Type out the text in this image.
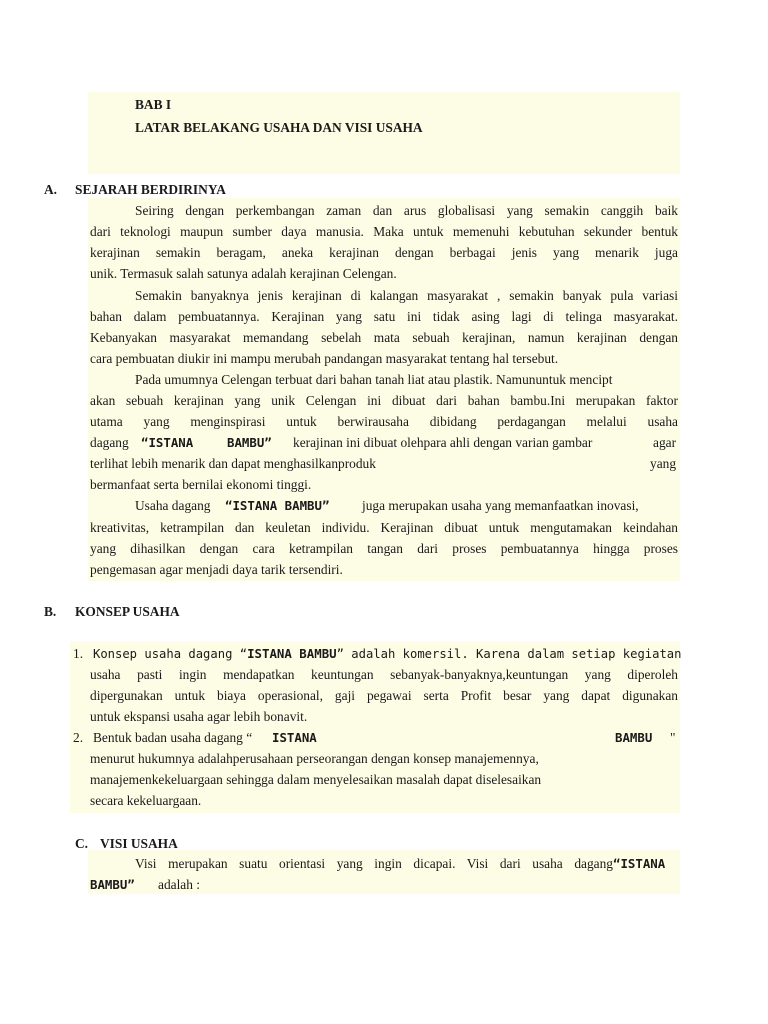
BAB I
LATAR BELAKANG USAHA DAN VISI USAHA
A. SEJARAH BERDIRINYA
Seiring dengan perkembangan zaman dan arus globalisasi yang semakin canggih baik
dari teknologi maupun sumber daya manusia. Maka untuk memenuhi kebutuhan sekunder bentuk
kerajinan semakin beragam, aneka kerajinan dengan berbagai jenis yang menarik juga
unik. Termasuk salah satunya adalah kerajinan Celengan.
Semakin banyaknya jenis kerajinan di kalangan masyarakat , semakin banyak pula variasi
bahan dalam pembuatannya. Kerajinan yang satu ini tidak asing lagi di telinga masyarakat.
Kebanyakan masyarakat memandang sebelah mata sebuah kerajinan, namun kerajinan dengan
cara pembuatan diukir ini mampu merubah pandangan masyarakat tentang hal tersebut.
Pada umumnya Celengan terbuat dari bahan tanah liat atau plastik. Namununtuk mencipt
akan sebuah kerajinan yang unik Celengan ini dibuat dari bahan bambu.Ini merupakan faktor
utama yang menginspirasi untuk berwirausaha dibidang perdagangan melalui usaha
dagang “ISTANA	BAMBU” kerajinan ini dibuat olehpara ahli dengan varian gambar	agar
terlihat lebih menarik dan dapat menghasilkanproduk	yang
bermanfaat serta bernilai ekonomi tinggi.
Usaha dagang “ISTANA BAMBU” juga merupakan usaha yang memanfaatkan inovasi,
kreativitas, ketrampilan dan keuletan individu. Kerajinan dibuat untuk mengutamakan keindahan
yang dihasilkan dengan cara ketrampilan tangan dari proses pembuatannya hingga proses
pengemasan agar menjadi daya tarik tersendiri.
B. KONSEP USAHA
1. Konsep usaha dagang “ISTANA BAMBU” adalah komersil. Karena dalam setiap kegiatan
usaha pasti ingin mendapatkan keuntungan sebanyak-banyaknya,keuntungan yang diperoleh
dipergunakan untuk biaya operasional, gaji pegawai serta Profit besar yang dapat digunakan
untuk ekspansi usaha agar lebih bonavit.
2. Bentuk badan usaha dagang “ ISTANA	BAMBU "
menurut hukumnya adalahperusahaan perseorangan dengan konsep manajemennya,
manajemenkekeluargaan sehingga dalam menyelesaikan masalah dapat diselesaikan
secara kekeluargaan.
C. VISI USAHA
Visi merupakan suatu orientasi yang ingin dicapai. Visi dari usaha dagang “ISTANA
BAMBU” adalah :
